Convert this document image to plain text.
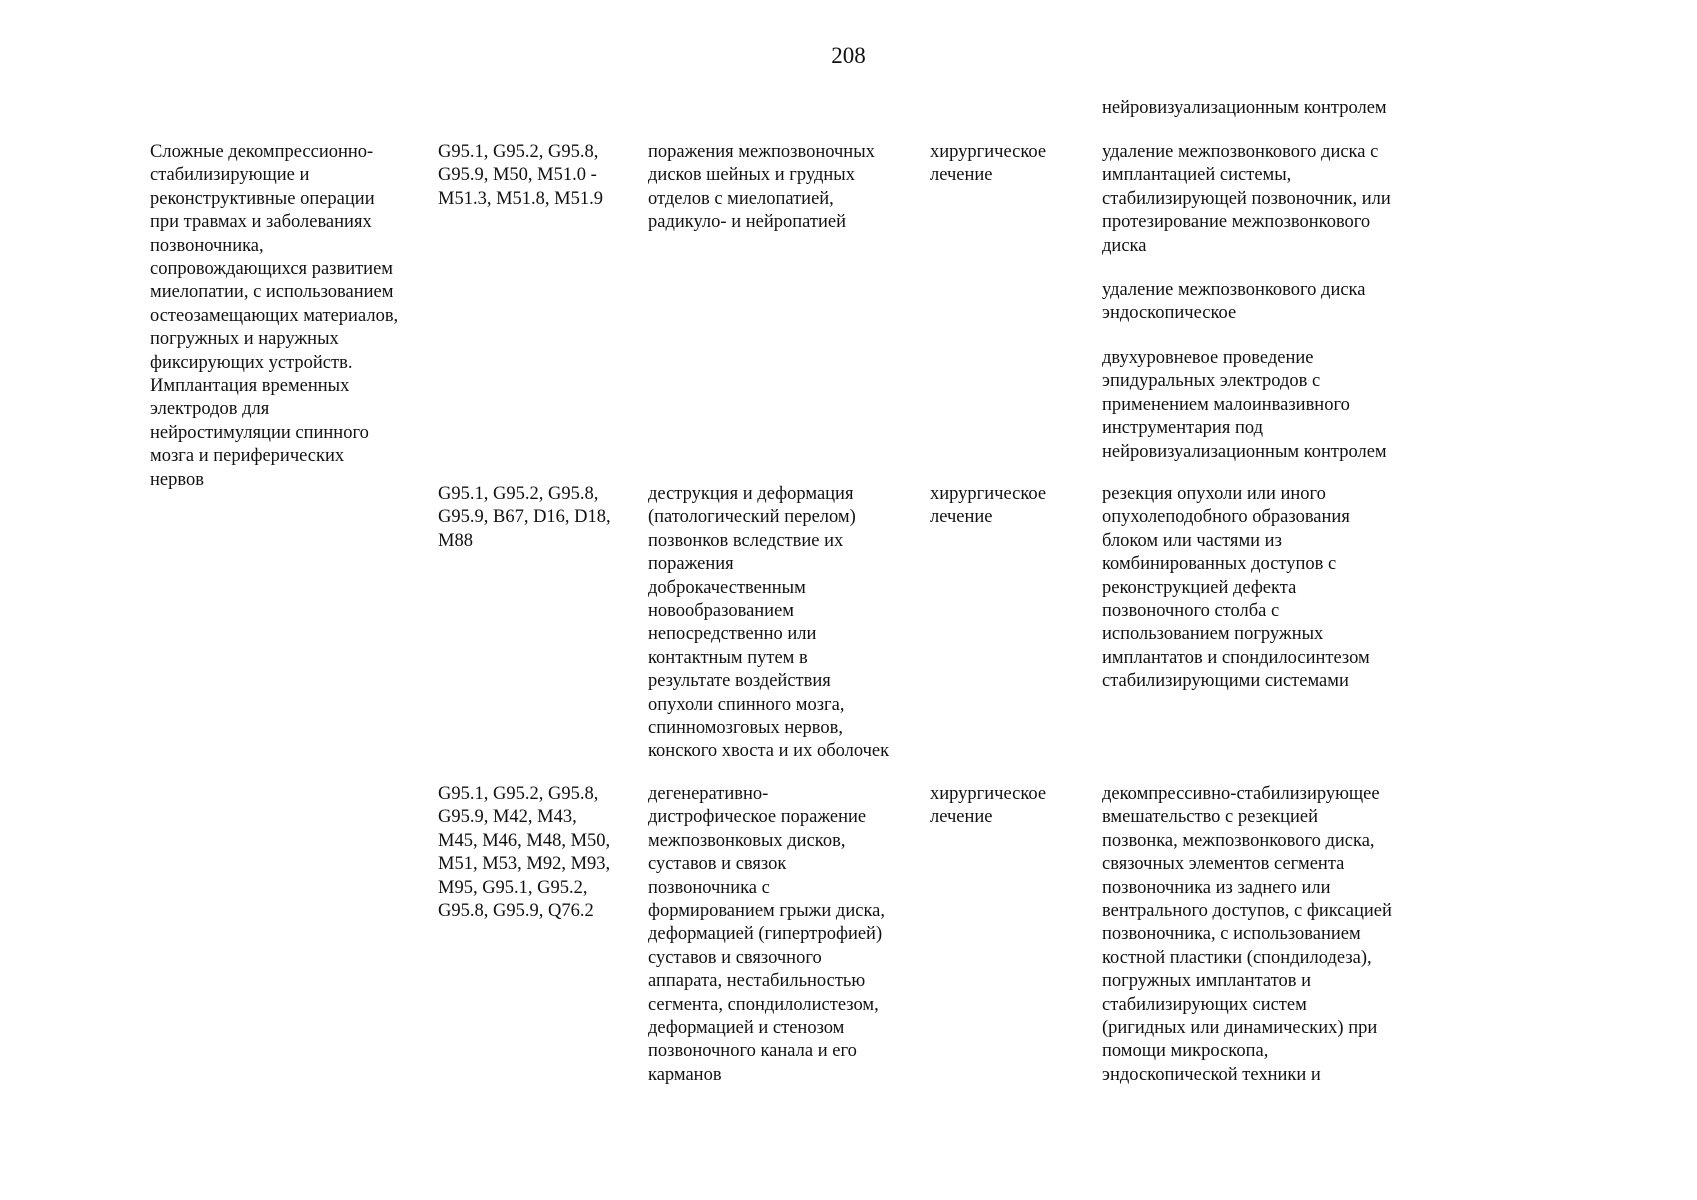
208
нейровизуализационным контролем
Сложные декомпрессионно-
стабилизирующие и
реконструктивные операции
при травмах и заболеваниях
позвоночника,
сопровождающихся развитием
миелопатии, с использованием
остеозамещающих материалов,
погружных и наружных
фиксирующих устройств.
Имплантация временных
электродов для
нейростимуляции спинного
мозга и периферических
нервов
G95.1, G95.2, G95.8,
G95.9, M50, M51.0 -
M51.3, M51.8, M51.9
поражения межпозвоночных
дисков шейных и грудных
отделов с миелопатией,
радикуло- и нейропатией
хирургическое
лечение
удаление межпозвонкового диска с
имплантацией системы,
стабилизирующей позвоночник, или
протезирование межпозвонкового
диска
удаление межпозвонкового диска
эндоскопическое
двухуровневое проведение
эпидуральных электродов с
применением малоинвазивного
инструментария под
нейровизуализационным контролем
G95.1, G95.2, G95.8,
G95.9, B67, D16, D18,
M88
деструкция и деформация
(патологический перелом)
позвонков вследствие их
поражения
доброкачественным
новообразованием
непосредственно или
контактным путем в
результате воздействия
опухоли спинного мозга,
спинномозговых нервов,
конского хвоста и их оболочек
хирургическое
лечение
резекция опухоли или иного
опухолеподобного образования
блоком или частями из
комбинированных доступов с
реконструкцией дефекта
позвоночного столба с
использованием погружных
имплантатов и спондилосинтезом
стабилизирующими системами
G95.1, G95.2, G95.8,
G95.9, M42, M43,
M45, M46, M48, M50,
M51, M53, M92, M93,
M95, G95.1, G95.2,
G95.8, G95.9, Q76.2
дегенеративно-
дистрофическое поражение
межпозвонковых дисков,
суставов и связок
позвоночника с
формированием грыжи диска,
деформацией (гипертрофией)
суставов и связочного
аппарата, нестабильностью
сегмента, спондилолистезом,
деформацией и стенозом
позвоночного канала и его
карманов
хирургическое
лечение
декомпрессивно-стабилизирующее
вмешательство с резекцией
позвонка, межпозвонкового диска,
связочных элементов сегмента
позвоночника из заднего или
вентрального доступов, с фиксацией
позвоночника, с использованием
костной пластики (спондилодеза),
погружных имплантатов и
стабилизирующих систем
(ригидных или динамических) при
помощи микроскопа,
эндоскопической техники и
